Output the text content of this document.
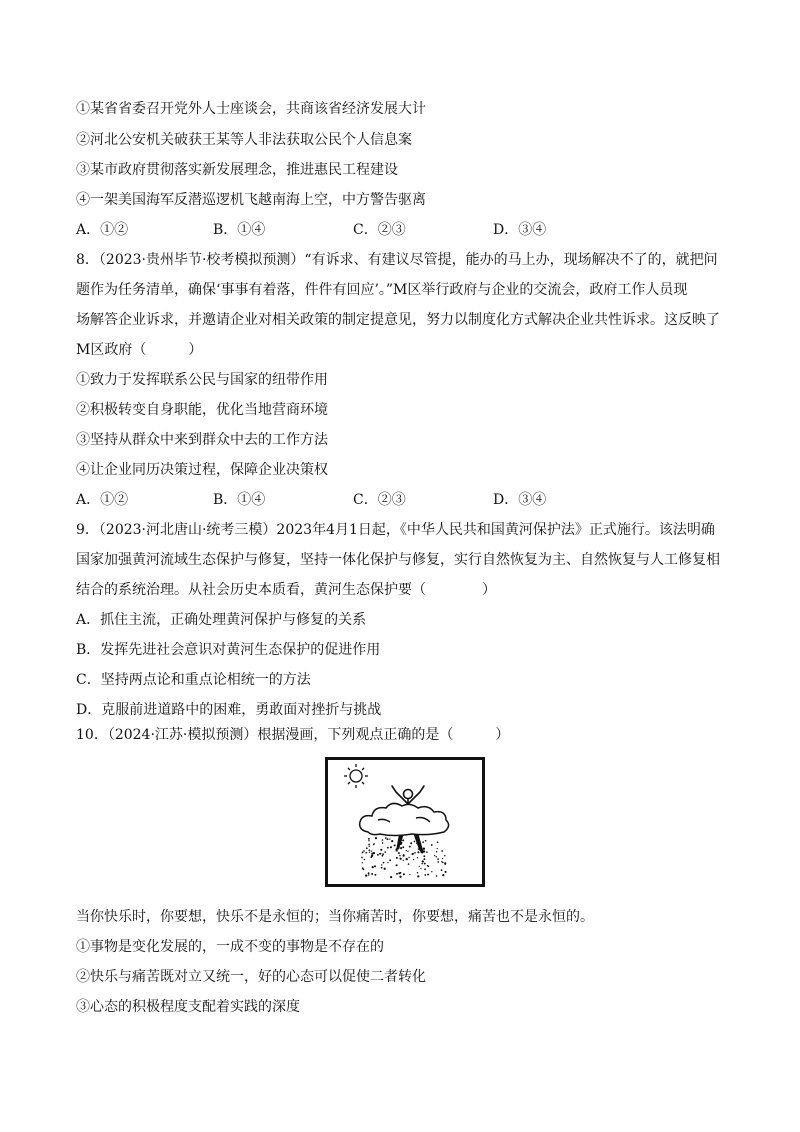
①某省省委召开党外人士座谈会，共商该省经济发展大计
②河北公安机关破获王某等人非法获取公民个人信息案
③某市政府贯彻落实新发展理念，推进惠民工程建设
④一架美国海军反潜巡逻机飞越南海上空，中方警告驱离
A．①②	B．①④	C．②③	D．③④
8．（2023·贵州毕节·校考模拟预测）“有诉求、有建议尽管提，能办的马上办，现场解决不了的，就把问
题作为任务清单，确保‘事事有着落，件件有回应’。”M区举行政府与企业的交流会，政府工作人员现
场解答企业诉求，并邀请企业对相关政策的制定提意见，努力以制度化方式解决企业共性诉求。这反映了
M区政府（　　　）
①致力于发挥联系公民与国家的纽带作用
②积极转变自身职能，优化当地营商环境
③坚持从群众中来到群众中去的工作方法
④让企业同历决策过程，保障企业决策权
A．①②	B．①④	C．②③	D．③④
9．（2023·河北唐山·统考三模）2023年4月1日起，《中华人民共和国黄河保护法》正式施行。该法明确
国家加强黄河流域生态保护与修复，坚持一体化保护与修复，实行自然恢复为主、自然恢复与人工修复相
结合的系统治理。从社会历史本质看，黄河生态保护要（　　　　）
A．抓住主流，正确处理黄河保护与修复的关系
B．发挥先进社会意识对黄河生态保护的促进作用
C．坚持两点论和重点论相统一的方法
D．克服前进道路中的困难，勇敢面对挫折与挑战
10．（2024·江苏·模拟预测）根据漫画，下列观点正确的是（　　　）
当你快乐时，你要想，快乐不是永恒的；当你痛苦时，你要想，痛苦也不是永恒的。
①事物是变化发展的，一成不变的事物是不存在的
②快乐与痛苦既对立又统一，好的心态可以促使二者转化
③心态的积极程度支配着实践的深度
